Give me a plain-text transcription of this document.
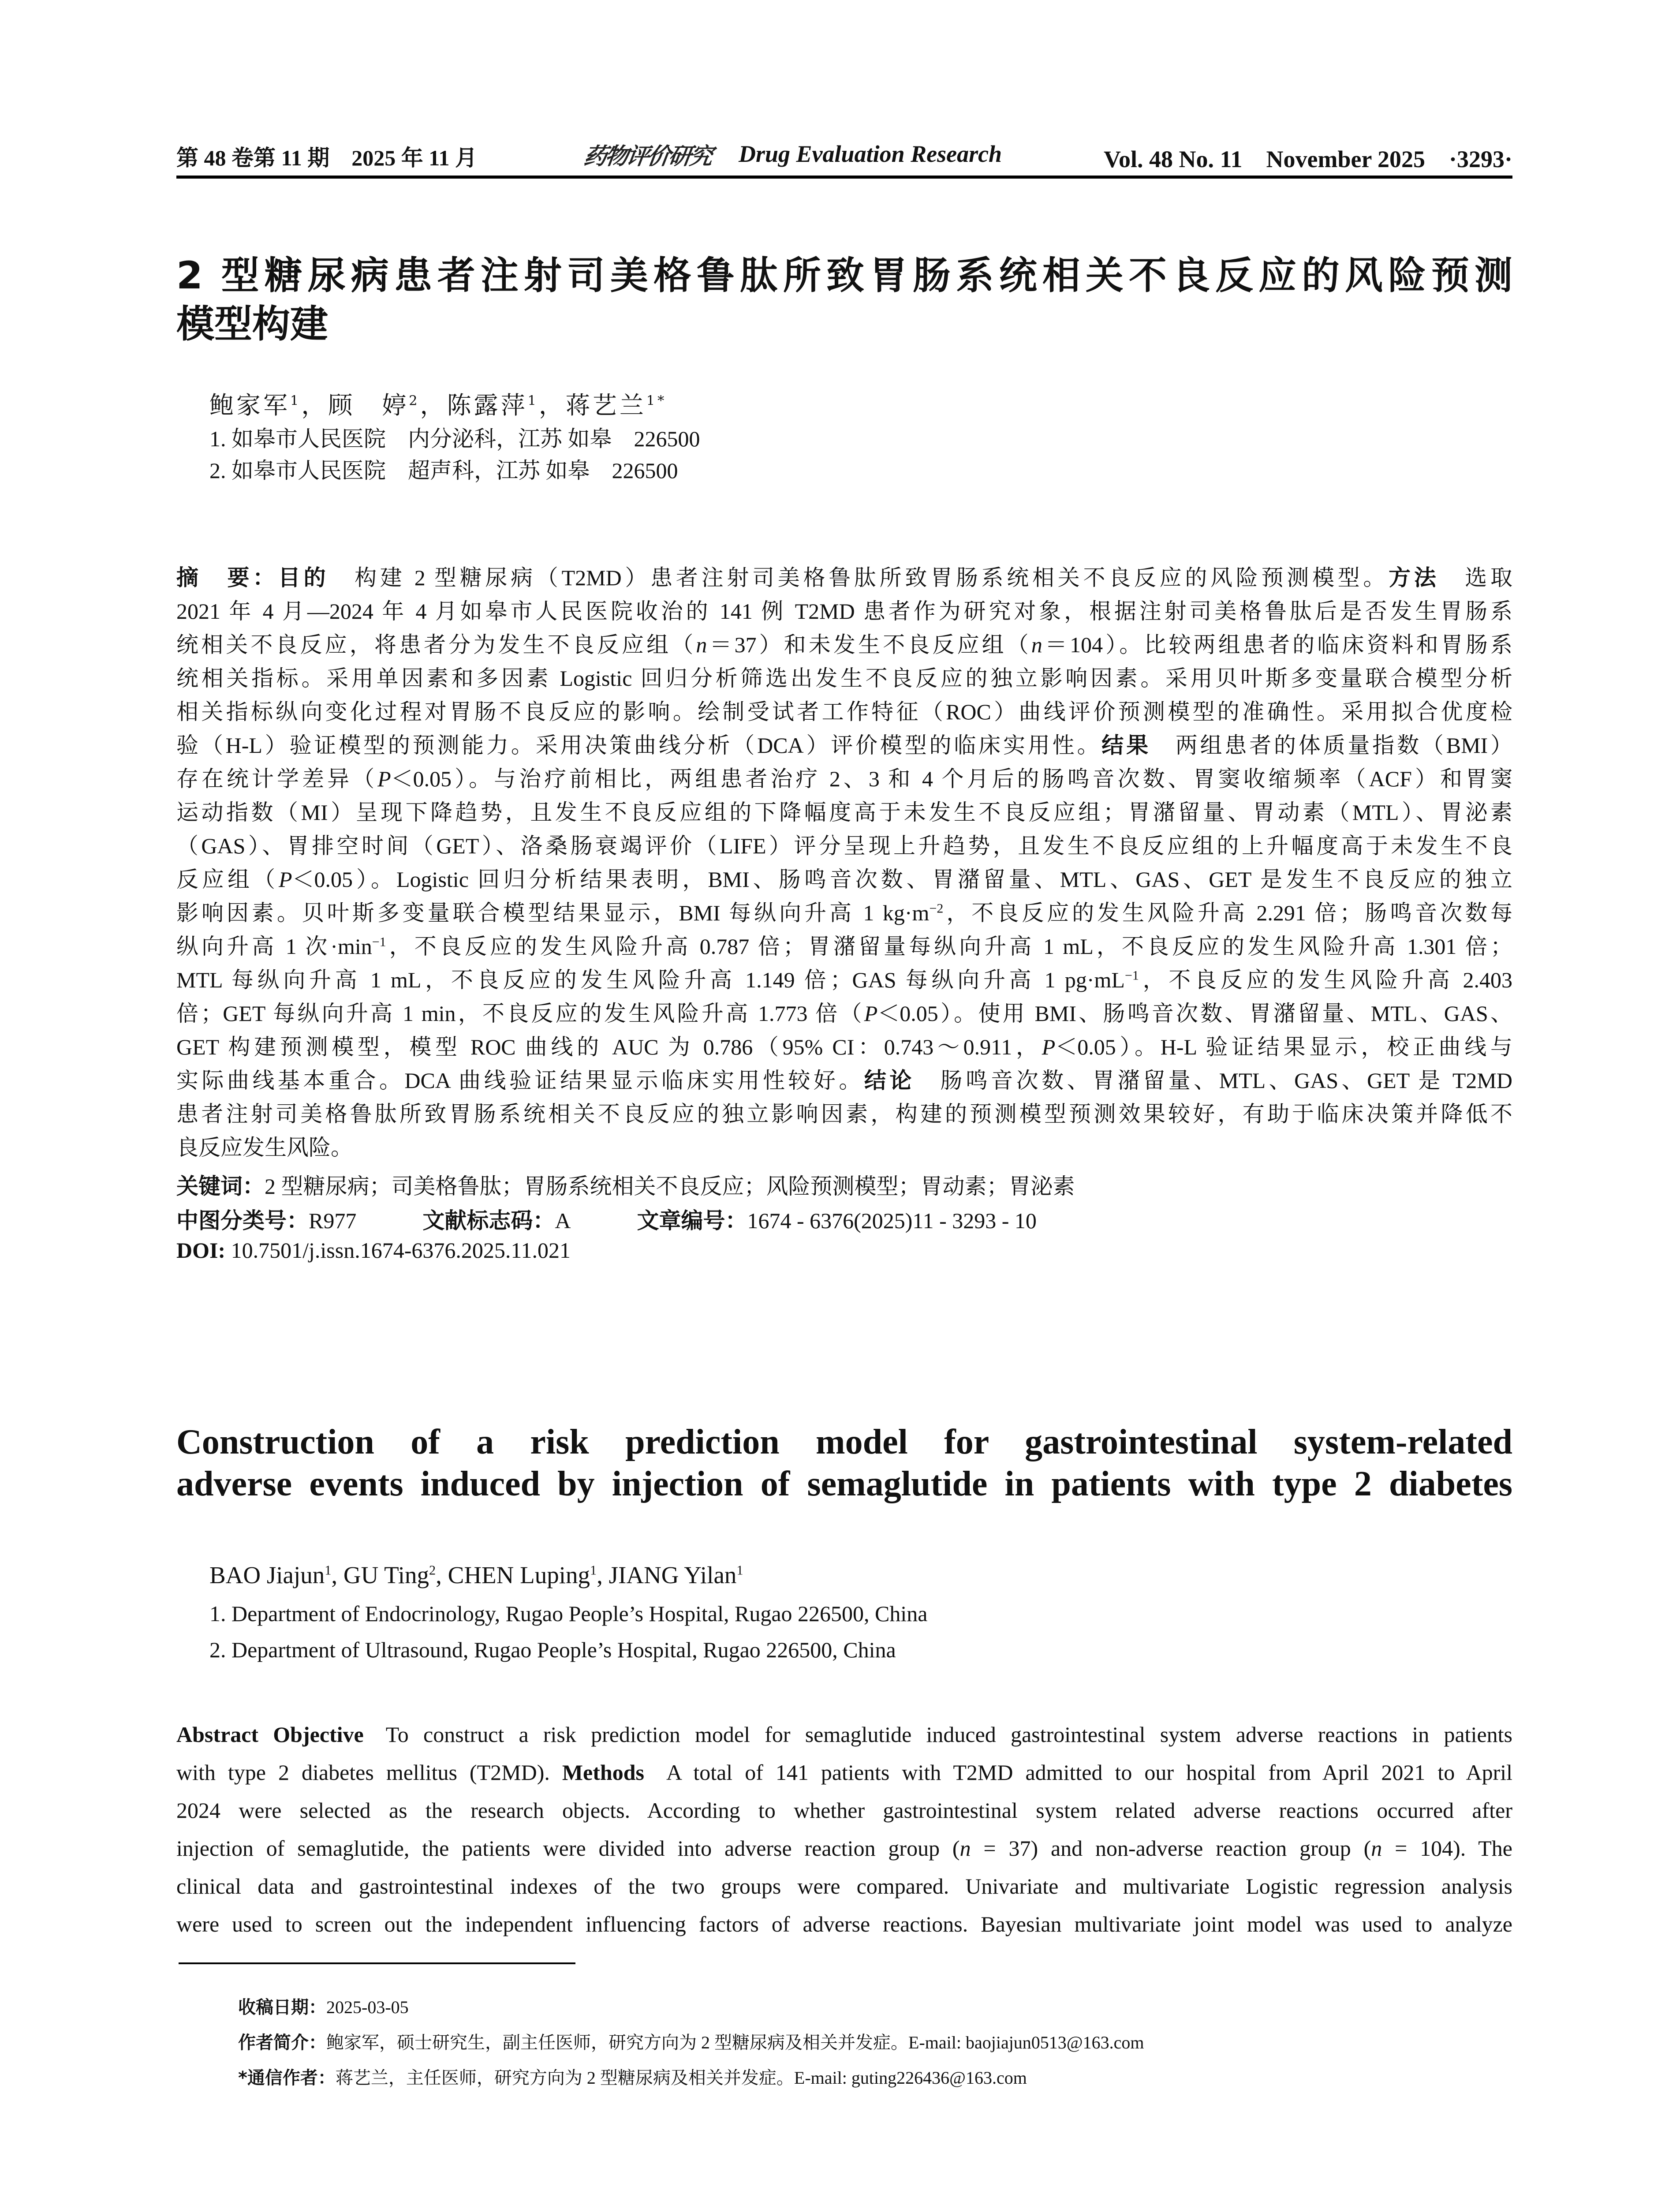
第 48 卷第 11 期　2025 年 11 月	药物评价研究 Drug Evaluation Research	Vol. 48 No. 11　November 2025　·3293·
2 型糖尿病患者注射司美格鲁肽所致胃肠系统相关不良反应的风险预测
模型构建
鲍家军$^1$，顾　婷$^2$，陈露萍$^1$，蒋艺兰$^{1*}$
1. 如皋市人民医院　内分泌科，江苏 如皋　226500
2. 如皋市人民医院　超声科，江苏 如皋　226500
摘　要：目的　构建 2 型糖尿病（T2MD）患者注射司美格鲁肽所致胃肠系统相关不良反应的风险预测模型。方法　选取
2021 年 4 月—2024 年 4 月如皋市人民医院收治的 141 例 T2MD 患者作为研究对象，根据注射司美格鲁肽后是否发生胃肠系
统相关不良反应，将患者分为发生不良反应组（n＝37）和未发生不良反应组（n＝104）。比较两组患者的临床资料和胃肠系
统相关指标。采用单因素和多因素 Logistic 回归分析筛选出发生不良反应的独立影响因素。采用贝叶斯多变量联合模型分析
相关指标纵向变化过程对胃肠不良反应的影响。绘制受试者工作特征（ROC）曲线评价预测模型的准确性。采用拟合优度检
验（H-L）验证模型的预测能力。采用决策曲线分析（DCA）评价模型的临床实用性。结果　两组患者的体质量指数（BMI）
存在统计学差异（P＜0.05）。与治疗前相比，两组患者治疗 2、3 和 4 个月后的肠鸣音次数、胃窦收缩频率（ACF）和胃窦
运动指数（MI）呈现下降趋势，且发生不良反应组的下降幅度高于未发生不良反应组；胃潴留量、胃动素（MTL）、胃泌素
（GAS）、胃排空时间（GET）、洛桑肠衰竭评价（LIFE）评分呈现上升趋势，且发生不良反应组的上升幅度高于未发生不良
反应组（P＜0.05）。Logistic 回归分析结果表明，BMI、肠鸣音次数、胃潴留量、MTL、GAS、GET 是发生不良反应的独立
影响因素。贝叶斯多变量联合模型结果显示，BMI 每纵向升高 1 $kg\cdot m^{-2}$，不良反应的发生风险升高 2.291 倍；肠鸣音次数每
纵向升高 1 次$\cdot\min^{-1}$，不良反应的发生风险升高 0.787 倍；胃潴留量每纵向升高 1 mL，不良反应的发生风险升高 1.301 倍；
MTL 每纵向升高 1 mL，不良反应的发生风险升高 1.149 倍；GAS 每纵向升高 1 $pg\cdot mL^{-1}$，不良反应的发生风险升高 2.403
倍；GET 每纵向升高 1 min，不良反应的发生风险升高 1.773 倍（P＜0.05）。使用 BMI、肠鸣音次数、胃潴留量、MTL、GAS、
GET 构建预测模型，模型 ROC 曲线的 AUC 为 0.786（95% CI：0.743～0.911，P＜0.05）。H-L 验证结果显示，校正曲线与
实际曲线基本重合。DCA 曲线验证结果显示临床实用性较好。结论　肠鸣音次数、胃潴留量、MTL、GAS、GET 是 T2MD
患者注射司美格鲁肽所致胃肠系统相关不良反应的独立影响因素，构建的预测模型预测效果较好，有助于临床决策并降低不
良反应发生风险。
关键词：2 型糖尿病；司美格鲁肽；胃肠系统相关不良反应；风险预测模型；胃动素；胃泌素
中图分类号：R977	文献标志码：A	文章编号：1674 - 6376(2025)11 - 3293 - 10
DOI: 10.7501/j.issn.1674-6376.2025.11.021
Construction of a risk prediction model for gastrointestinal system-related
adverse events induced by injection of semaglutide in patients with type 2 diabetes
BAO Jiajun$^1$, GU Ting$^2$, CHEN Luping$^1$, JIANG Yilan$^1$
1. Department of Endocrinology, Rugao People’s Hospital, Rugao 226500, China
2. Department of Ultrasound, Rugao People’s Hospital, Rugao 226500, China
Abstract Objective  To construct a risk prediction model for semaglutide induced gastrointestinal system adverse reactions in patients
with type 2 diabetes mellitus (T2MD). Methods  A total of 141 patients with T2MD admitted to our hospital from April 2021 to April
2024 were selected as the research objects. According to whether gastrointestinal system related adverse reactions occurred after
injection of semaglutide, the patients were divided into adverse reaction group (n = 37) and non-adverse reaction group (n = 104). The
clinical data and gastrointestinal indexes of the two groups were compared. Univariate and multivariate Logistic regression analysis
were used to screen out the independent influencing factors of adverse reactions. Bayesian multivariate joint model was used to analyze
收稿日期：2025-03-05
作者简介：鲍家军，硕士研究生，副主任医师，研究方向为 2 型糖尿病及相关并发症。E-mail: baojiajun0513@163.com
*通信作者：蒋艺兰，主任医师，研究方向为 2 型糖尿病及相关并发症。E-mail: guting226436@163.com
